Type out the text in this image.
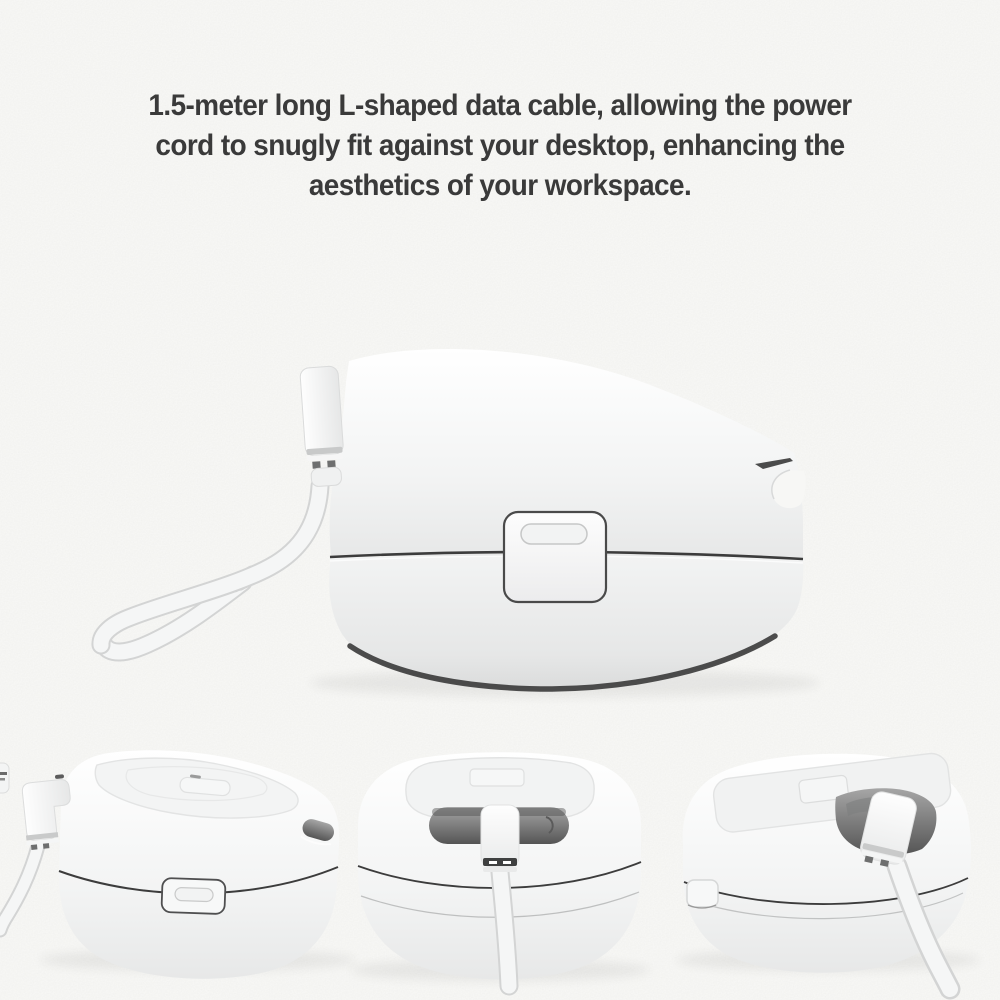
1.5-meter long L-shaped data cable, allowing the power
cord to snugly fit against your desktop, enhancing the
aesthetics of your workspace.
